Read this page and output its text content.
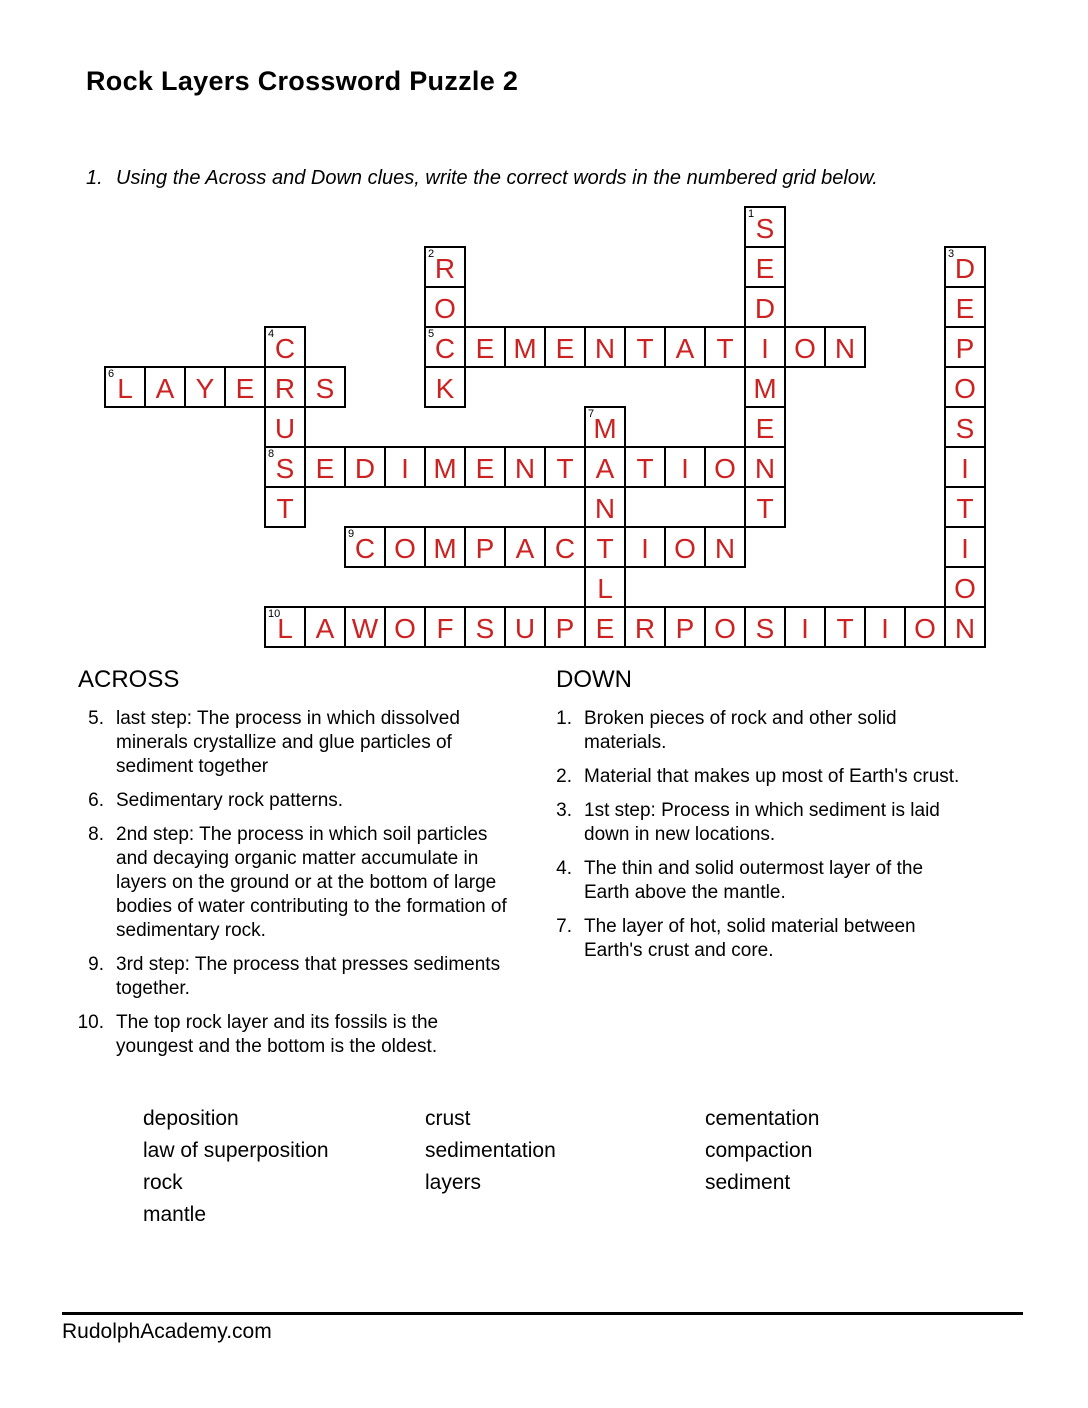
Rock Layers Crossword Puzzle 2
1. Using the Across and Down clues, write the correct words in the numbered grid below.
1 S
2 R	E	3 D
O	D	E
4 C	5 C E M E N T A T I O N	P
6 L A Y E R S	K	M	O
U	7 M	E	S
8 S E D I M E N T A T I O N	I
T	N	T	T
9 C O M P A C T I O N	I
L	O
10
L A W O F S U P E R P O S I T I O N
ACROSS
5. last step: The process in which dissolved minerals crystallize and glue particles of sediment together
6. Sedimentary rock patterns.
8. 2nd step: The process in which soil particles and decaying organic matter accumulate in layers on the ground or at the bottom of large bodies of water contributing to the formation of sedimentary rock.
9. 3rd step: The process that presses sediments together.
10. The top rock layer and its fossils is the youngest and the bottom is the oldest.
DOWN
1. Broken pieces of rock and other solid materials.
2. Material that makes up most of Earth's crust.
3. 1st step: Process in which sediment is laid down in new locations.
4. The thin and solid outermost layer of the Earth above the mantle.
7. The layer of hot, solid material between Earth's crust and core.
deposition
law of superposition
rock
mantle
crust
sedimentation
layers
cementation
compaction
sediment
RudolphAcademy.com
